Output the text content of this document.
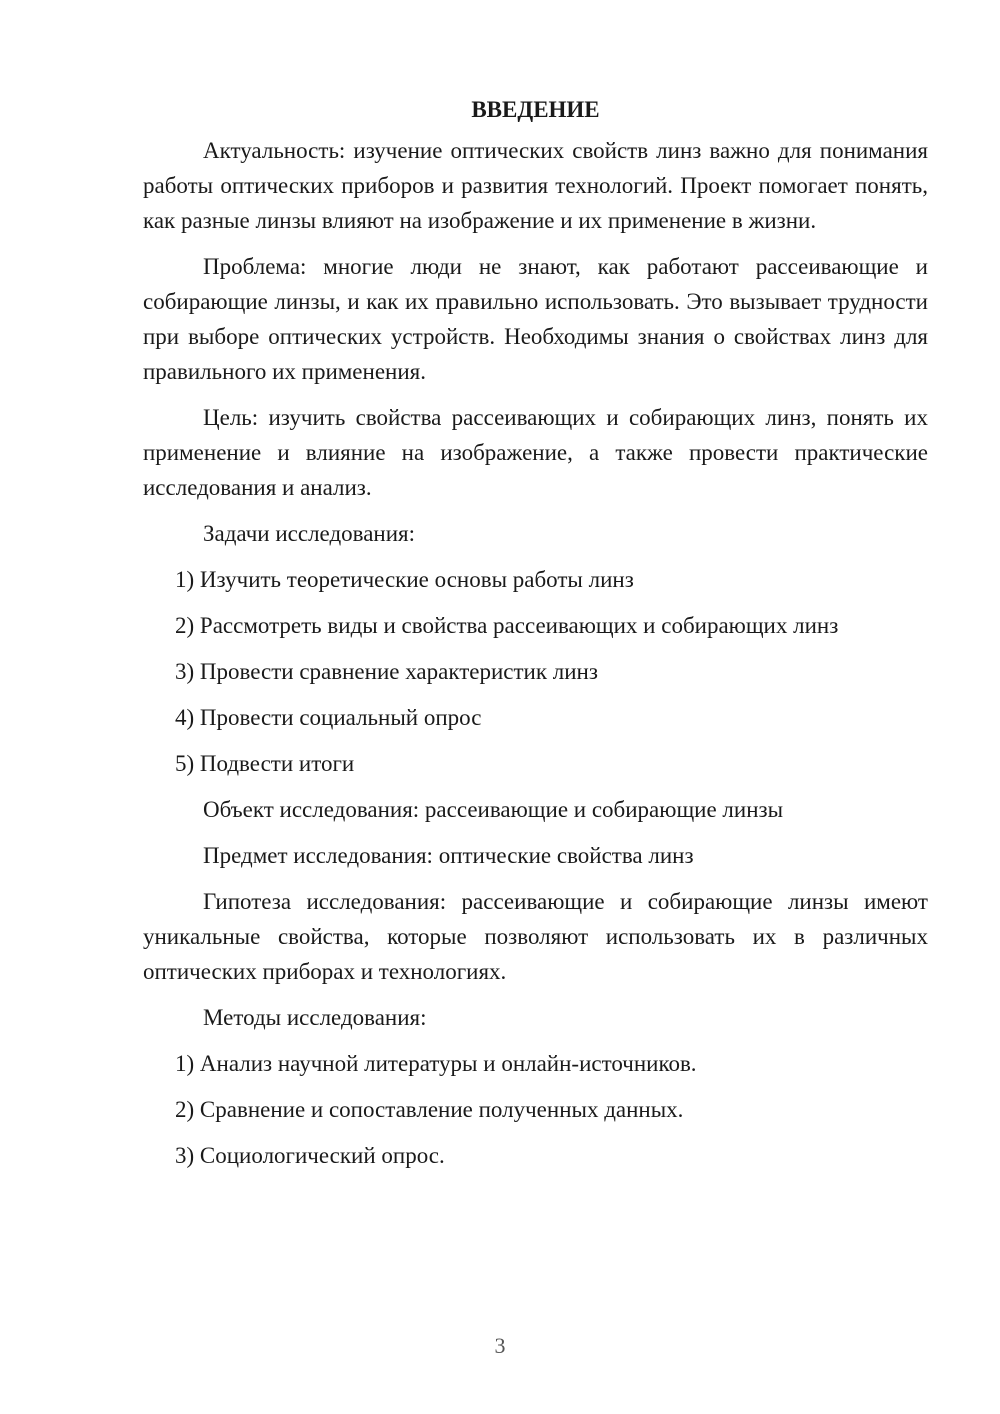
ВВЕДЕНИЕ

Актуальность: изучение оптических свойств линз важно для понимания работы оптических приборов и развития технологий. Проект помогает понять, как разные линзы влияют на изображение и их применение в жизни.

Проблема: многие люди не знают, как работают рассеивающие и собирающие линзы, и как их правильно использовать. Это вызывает трудности при выборе оптических устройств. Необходимы знания о свойствах линз для правильного их применения.

Цель: изучить свойства рассеивающих и собирающих линз, понять их применение и влияние на изображение, а также провести практические исследования и анализ.

Задачи исследования:
1) Изучить теоретические основы работы линз
2) Рассмотреть виды и свойства рассеивающих и собирающих линз
3) Провести сравнение характеристик линз
4) Провести социальный опрос
5) Подвести итоги
Объект исследования: рассеивающие и собирающие линзы
Предмет исследования: оптические свойства линз

Гипотеза исследования: рассеивающие и собирающие линзы имеют уникальные свойства, которые позволяют использовать их в различных оптических приборах и технологиях.

Методы исследования:
1) Анализ научной литературы и онлайн-источников.
2) Сравнение и сопоставление полученных данных.
3) Социологический опрос.
3
